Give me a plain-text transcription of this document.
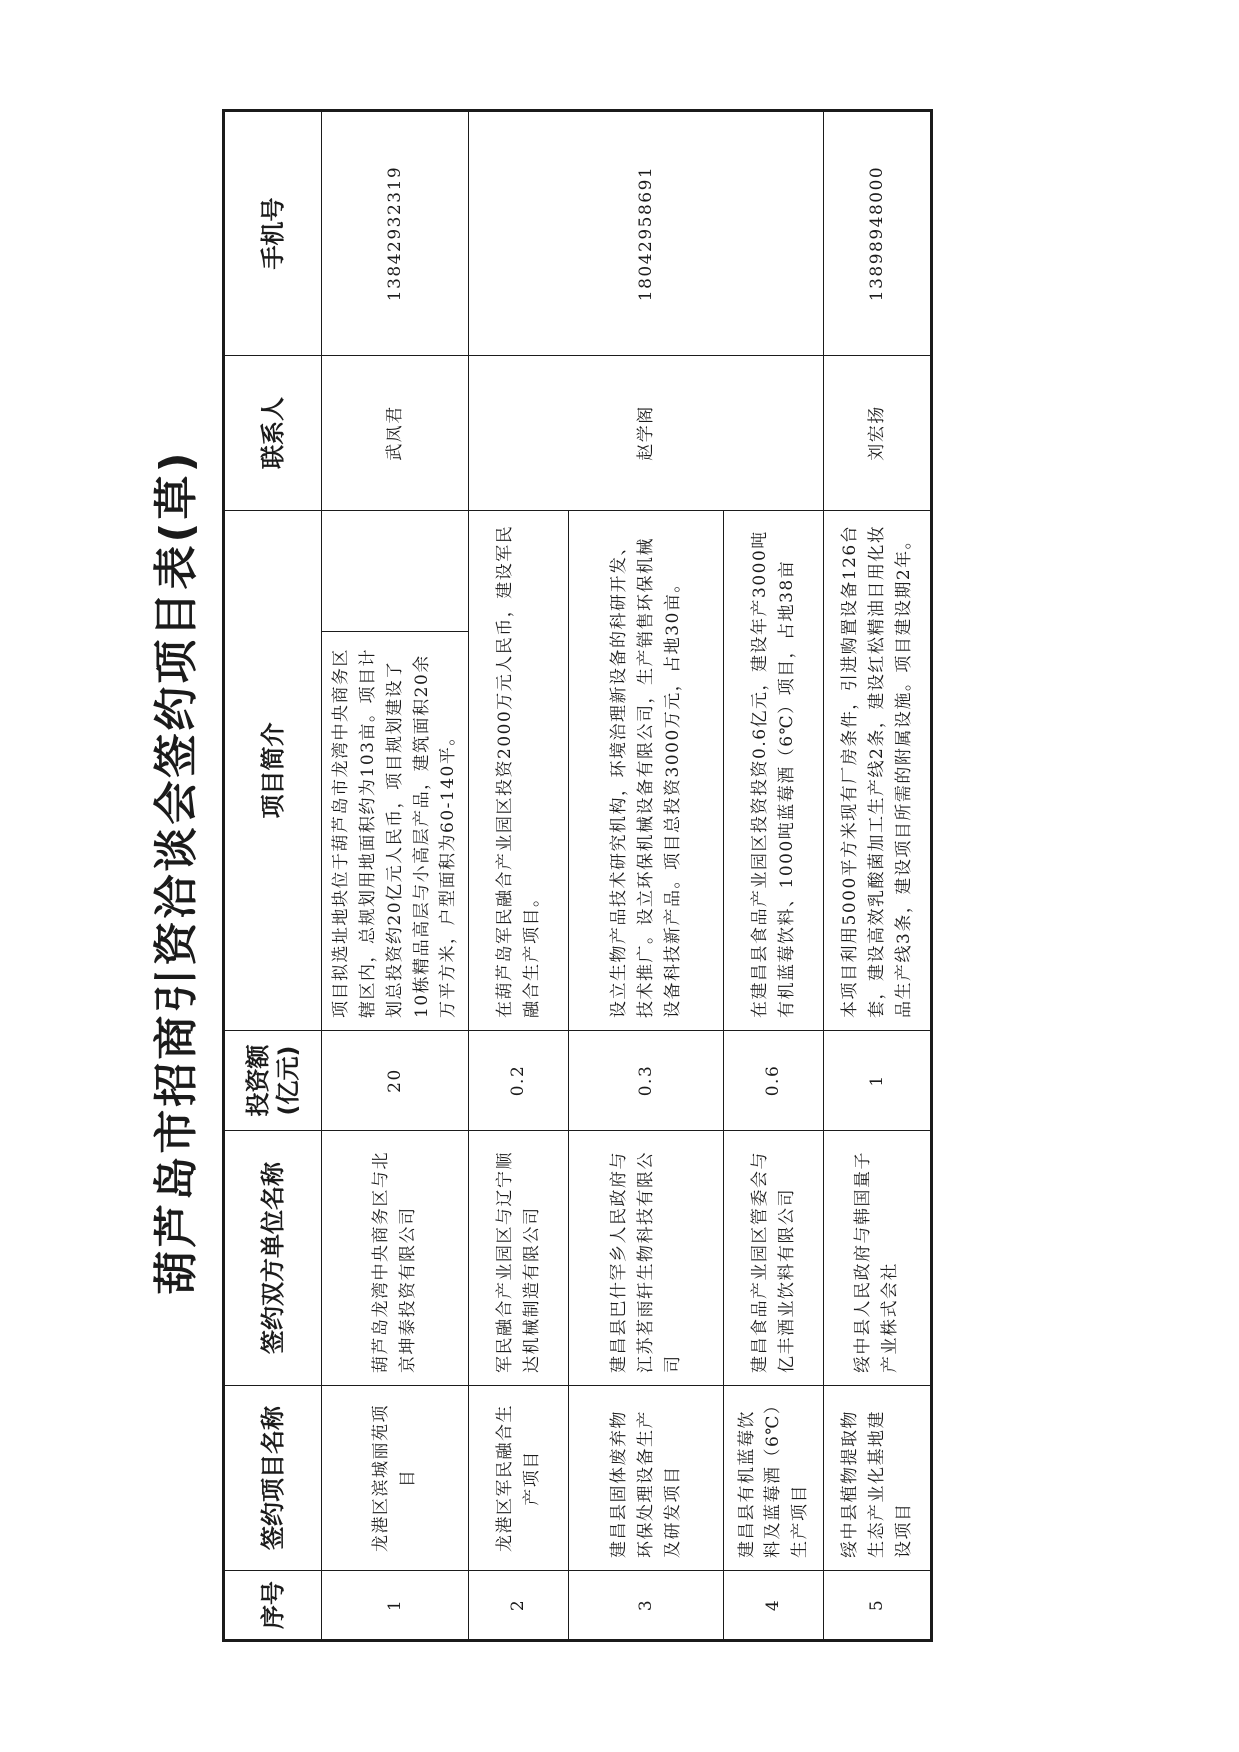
葫芦岛市招商引资洽谈会签约项目表(草)
序号	签约项目名称	签约双方单位名称	投资额(亿元)	项目简介	联系人	手机号
1	龙港区滨城丽苑项目	葫芦岛龙湾中央商务区与北京坤泰投资有限公司	20	项目拟选址地块位于葫芦岛市龙湾中央商务区辖区内，总规划用地面积约为103亩。项目计划总投资约20亿元人民币，项目规划建设了10栋精品高层与小高层产品，建筑面积20余万平方米，户型面积为60-140平。	武凤君	13842932319
2	龙港区军民融合生产项目	军民融合产业园区与辽宁顺达机械制造有限公司	0.2	在葫芦岛军民融合产业园区投资2000万元人民币，建设军民融合生产项目。	赵学阁	18042958691
3	建昌县固体废弃物环保处理设备生产及研发项目	建昌县巴什罕乡人民政府与江苏茗雨轩生物科技有限公司	0.3	设立生物产品技术研究机构，环境治理新设备的科研开发、技术推广。设立环保机械设备有限公司，生产销售环保机械设备科技新产品。项目总投资3000万元，占地30亩。		
4	建昌县有机蓝莓饮料及蓝莓酒（6℃）生产项目	建昌食品产业园区管委会与亿丰酒业饮料有限公司	0.6	在建昌县食品产业园区投资投资0.6亿元，建设年产3000吨有机蓝莓饮料、1000吨蓝莓酒（6℃）项目，占地38亩		
5	绥中县植物提取物生态产业化基地建设项目	绥中县人民政府与韩国量子产业株式会社	1	本项目利用5000平方米现有厂房条件，引进购置设备126台套，建设高效乳酸菌加工生产线2条，建设红松精油日用化妆品生产线3条，建设项目所需的附属设施。项目建设期2年。	刘宏扬	13898948000
